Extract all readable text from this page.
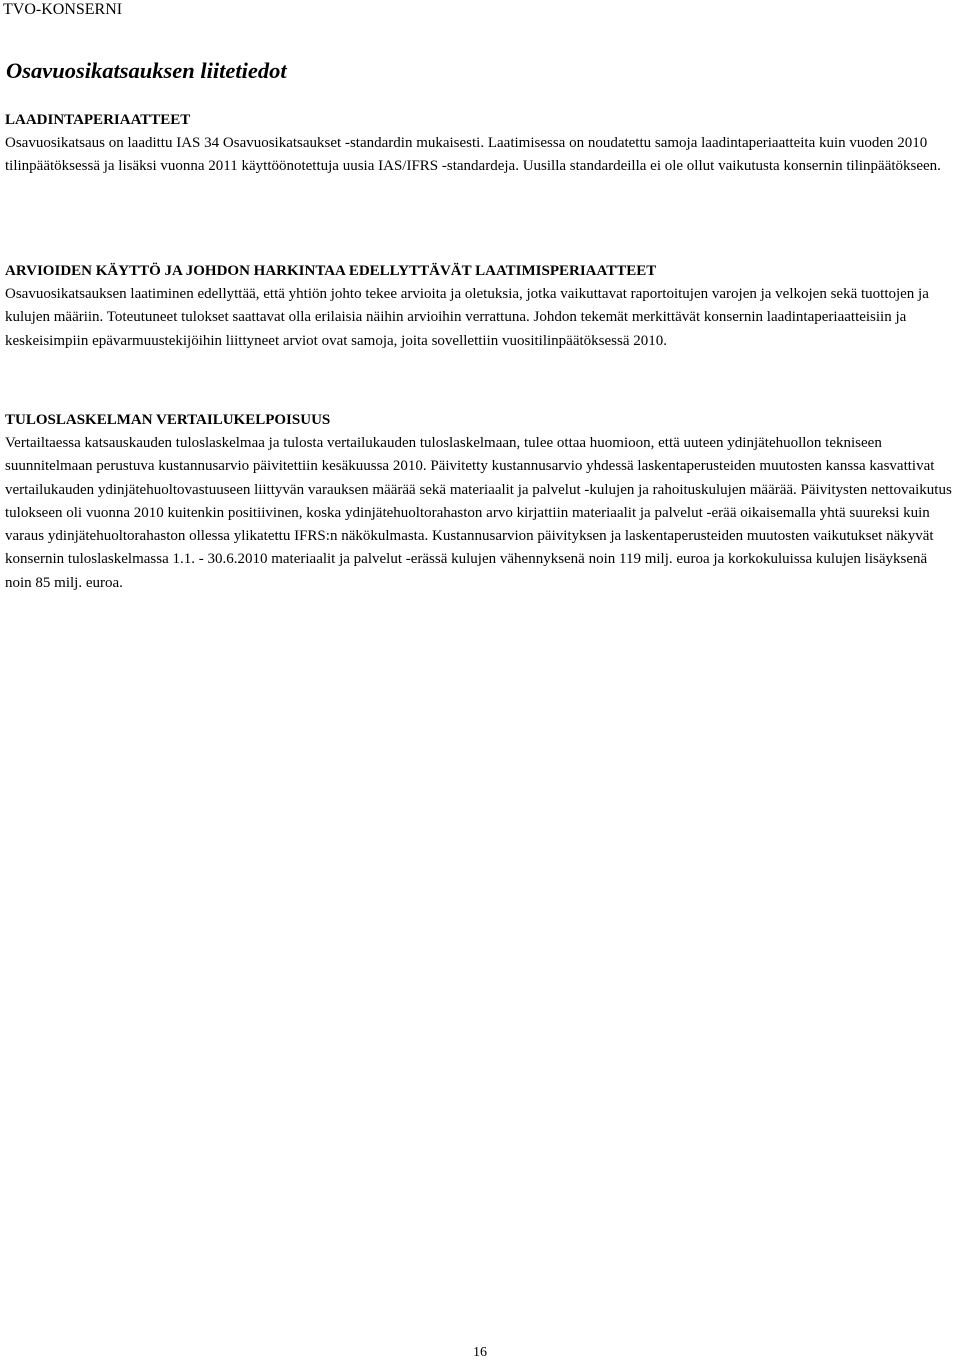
TVO-KONSERNI
Osavuosikatsauksen liitetiedot
LAADINTAPERIAATTEET

Osavuosikatsaus on laadittu IAS 34 Osavuosikatsaukset -standardin mukaisesti. Laatimisessa on noudatettu samoja laadintaperiaatteita kuin vuoden 2010 tilinpäätöksessä ja lisäksi vuonna 2011 käyttöönotettuja uusia IAS/IFRS -standardeja. Uusilla standardeilla ei ole ollut vaikutusta konsernin tilinpäätökseen.

ARVIOIDEN KÄYTTÖ JA JOHDON HARKINTAA EDELLYTTÄVÄT LAATIMISPERIAATTEET

Osavuosikatsauksen laatiminen edellyttää, että yhtiön johto tekee arvioita ja oletuksia, jotka vaikuttavat raportoitujen varojen ja velkojen sekä tuottojen ja kulujen määriin. Toteutuneet tulokset saattavat olla erilaisia näihin arvioihin verrattuna. Johdon tekemät merkittävät konsernin laadintaperiaatteisiin ja keskeisimpiin epävarmuustekijöihin liittyneet arviot ovat samoja, joita sovellettiin vuositilinpäätöksessä 2010.

TULOSLASKELMAN VERTAILUKELPOISUUS

Vertailtaessa katsauskauden tuloslaskelmaa ja tulosta vertailukauden tuloslaskelmaan, tulee ottaa huomioon, että uuteen ydinjätehuollon tekniseen suunnitelmaan perustuva kustannusarvio päivitettiin kesäkuussa 2010. Päivitetty kustannusarvio yhdessä laskentaperusteiden muutosten kanssa kasvattivat vertailukauden ydinjätehuoltovastuuseen liittyvän varauksen määrää sekä materiaalit ja palvelut -kulujen ja rahoituskulujen määrää. Päivitysten nettovaikutus tulokseen oli vuonna 2010 kuitenkin positiivinen, koska ydinjätehuoltorahaston arvo kirjattiin materiaalit ja palvelut -erää oikaisemalla yhtä suureksi kuin varaus ydinjätehuoltorahaston ollessa ylikatettu IFRS:n näkökulmasta. Kustannusarvion päivityksen ja laskentaperusteiden muutosten vaikutukset näkyvät konsernin tuloslaskelmassa 1.1. - 30.6.2010 materiaalit ja palvelut -erässä kulujen vähennyksenä noin 119 milj. euroa ja korkokuluissa kulujen lisäyksenä noin 85 milj. euroa.

16
